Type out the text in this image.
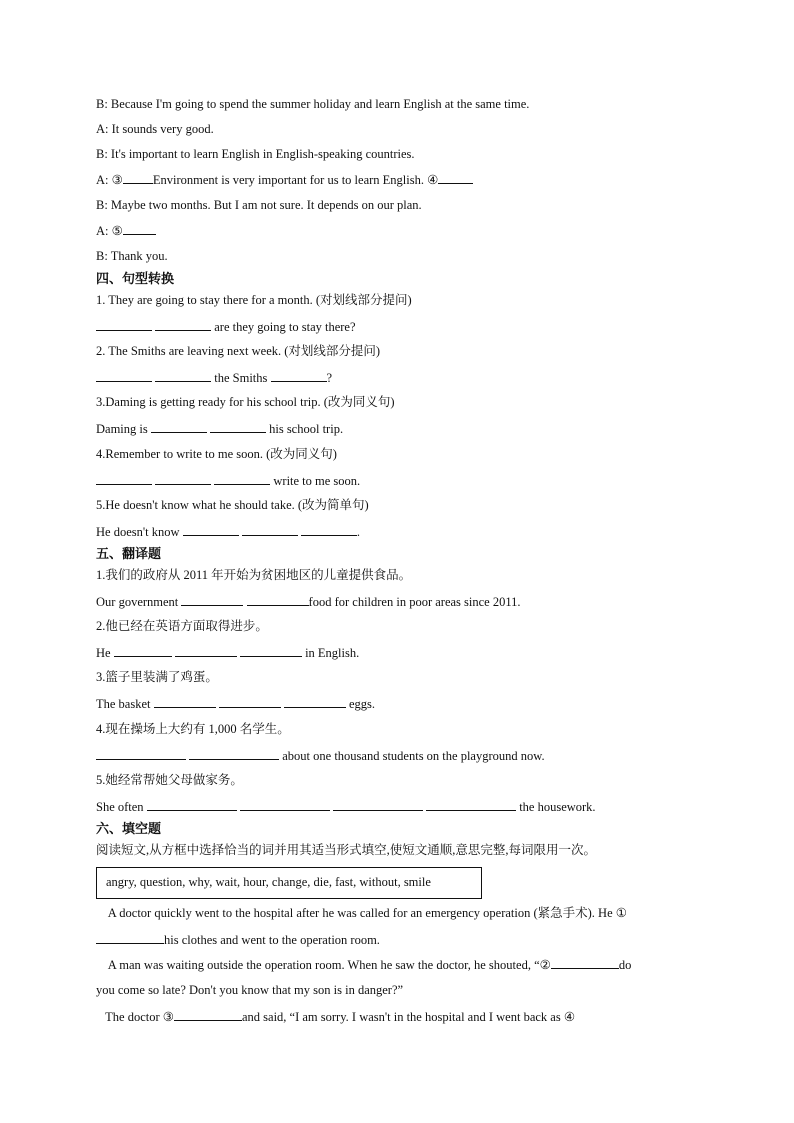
B: Because I'm going to spend the summer holiday and learn English at the same time.
A: It sounds very good.
B: It's important to learn English in English-speaking countries.
A: ③ Environment is very important for us to learn English. ④
B: Maybe two months. But I am not sure. It depends on our plan.
A: ⑤
B: Thank you.
四、句型转换
1. They are going to stay there for a month. (对划线部分提问)
are they going to stay there?
2. The Smiths are leaving next week. (对划线部分提问)
the Smiths	?
3.Daming is getting ready for his school trip. (改为同义句)
Daming is	his school trip.
4.Remember to write to me soon. (改为同义句)
write to me soon.
5.He doesn't know what he should take. (改为简单句)
He doesn't know	.
五、翻译题
1.我们的政府从 2011 年开始为贫困地区的儿童提供食品。
Our government	food for children in poor areas since 2011.
2.他已经在英语方面取得进步。
He	in English.
3.篮子里装满了鸡蛋。
The basket	eggs.
4.现在操场上大约有 1,000 名学生。
about one thousand students on the playground now.
5.她经常帮她父母做家务。
She often	the housework.
六、填空题
阅读短文,从方框中选择恰当的词并用其适当形式填空,使短文通顺,意思完整,每词限用一次。
angry, question, why, wait, hour, change, die, fast, without, smile
A doctor quickly went to the hospital after he was called for an emergency operation (紧急手术). He ①
his clothes and went to the operation room.
A man was waiting outside the operation room. When he saw the doctor, he shouted, “②	do
you come so late? Don't you know that my son is in danger?”
The doctor ③	and said, “I am sorry. I wasn't in the hospital and I went back as ④
